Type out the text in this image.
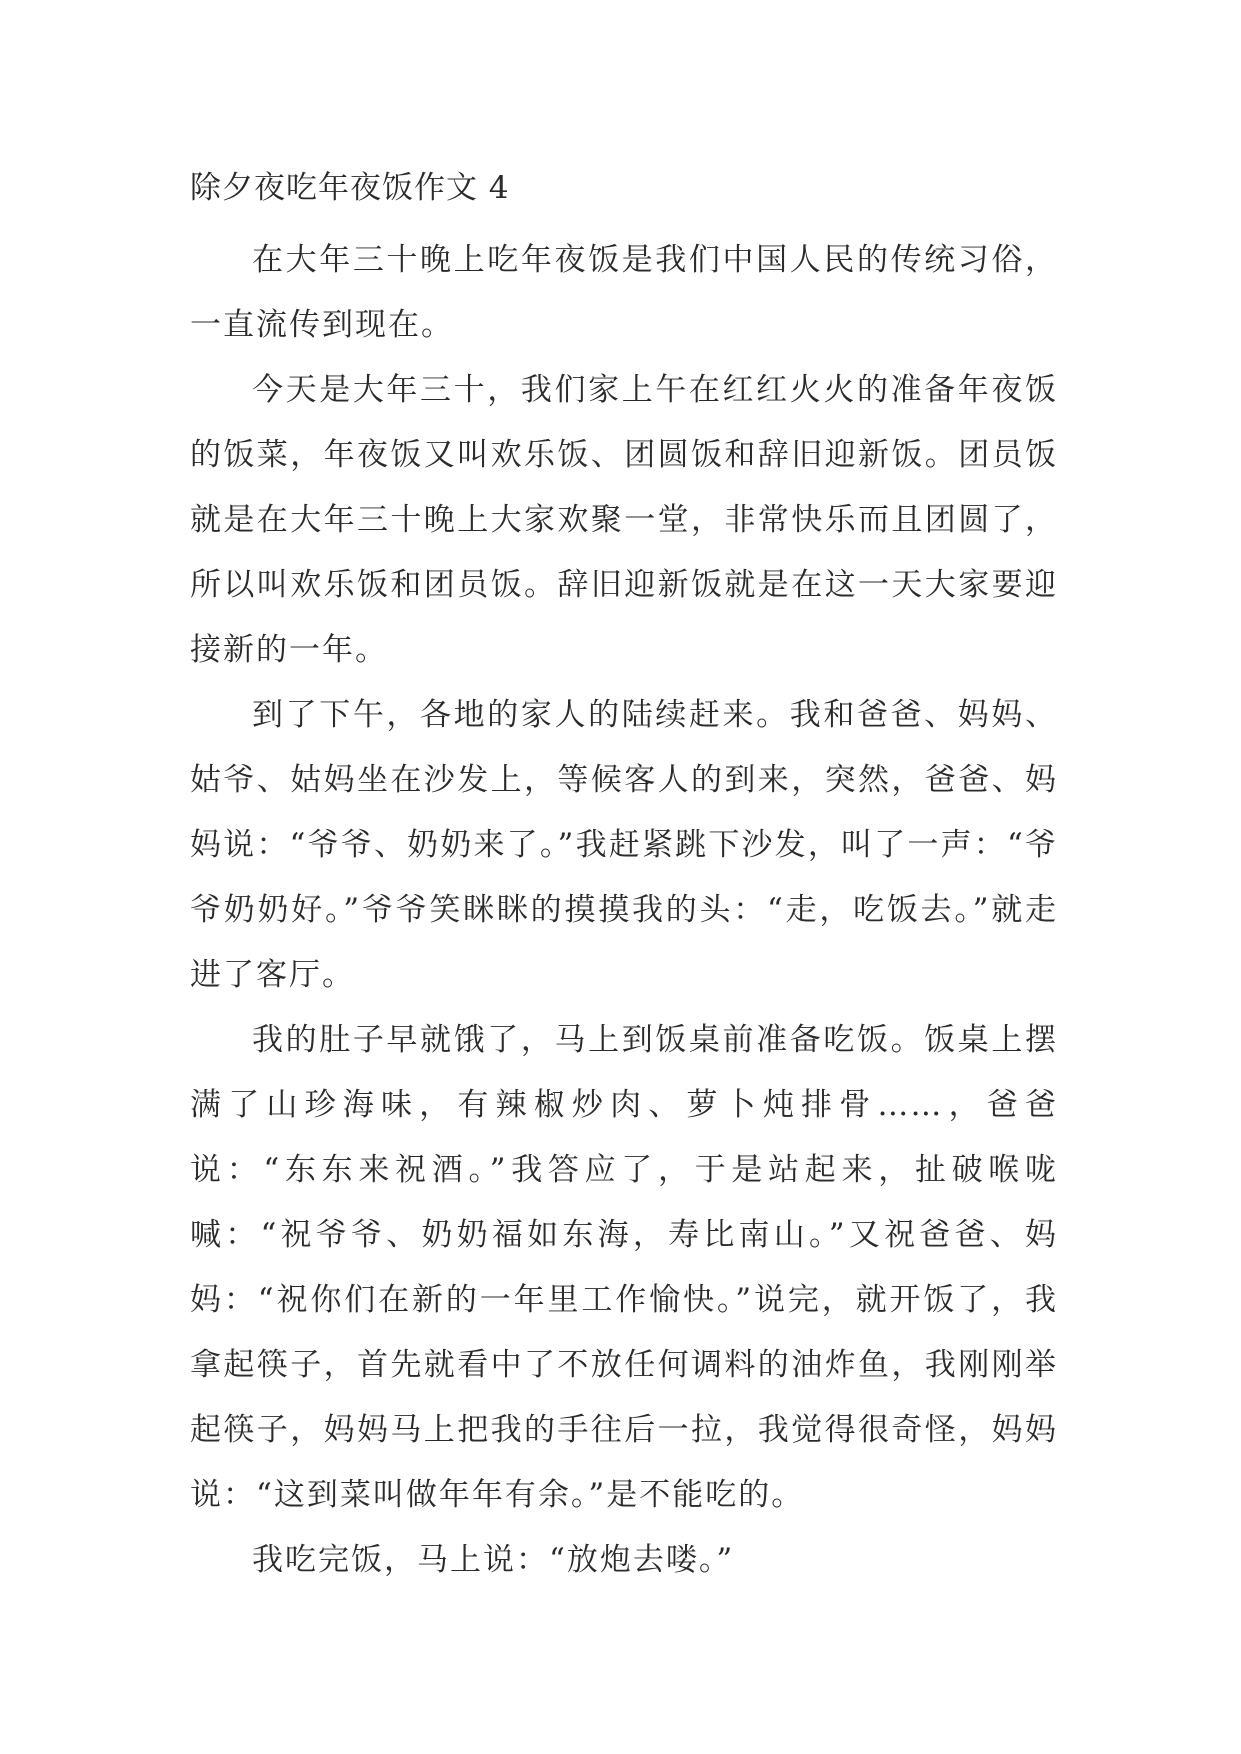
除夕夜吃年夜饭作文 4

在大年三十晚上吃年夜饭是我们中国人民的传统习俗，一直流传到现在。

今天是大年三十，我们家上午在红红火火的准备年夜饭的饭菜，年夜饭又叫欢乐饭、团圆饭和辞旧迎新饭。团员饭就是在大年三十晚上大家欢聚一堂，非常快乐而且团圆了，所以叫欢乐饭和团员饭。辞旧迎新饭就是在这一天大家要迎接新的一年。

到了下午，各地的家人的陆续赶来。我和爸爸、妈妈、姑爷、姑妈坐在沙发上，等候客人的到来，突然，爸爸、妈妈说：“爷爷、奶奶来了。”我赶紧跳下沙发，叫了一声：“爷爷奶奶好。”爷爷笑眯眯的摸摸我的头：“走，吃饭去。”就走进了客厅。

我的肚子早就饿了，马上到饭桌前准备吃饭。饭桌上摆满了山珍海味，有辣椒炒肉、萝卜炖排骨……，爸爸说：“东东来祝酒。”我答应了，于是站起来，扯破喉咙喊：“祝爷爷、奶奶福如东海，寿比南山。”又祝爸爸、妈妈：“祝你们在新的一年里工作愉快。”说完，就开饭了，我拿起筷子，首先就看中了不放任何调料的油炸鱼，我刚刚举起筷子，妈妈马上把我的手往后一拉，我觉得很奇怪，妈妈说：“这到菜叫做年年有余。”是不能吃的。

我吃完饭，马上说：“放炮去喽。”
